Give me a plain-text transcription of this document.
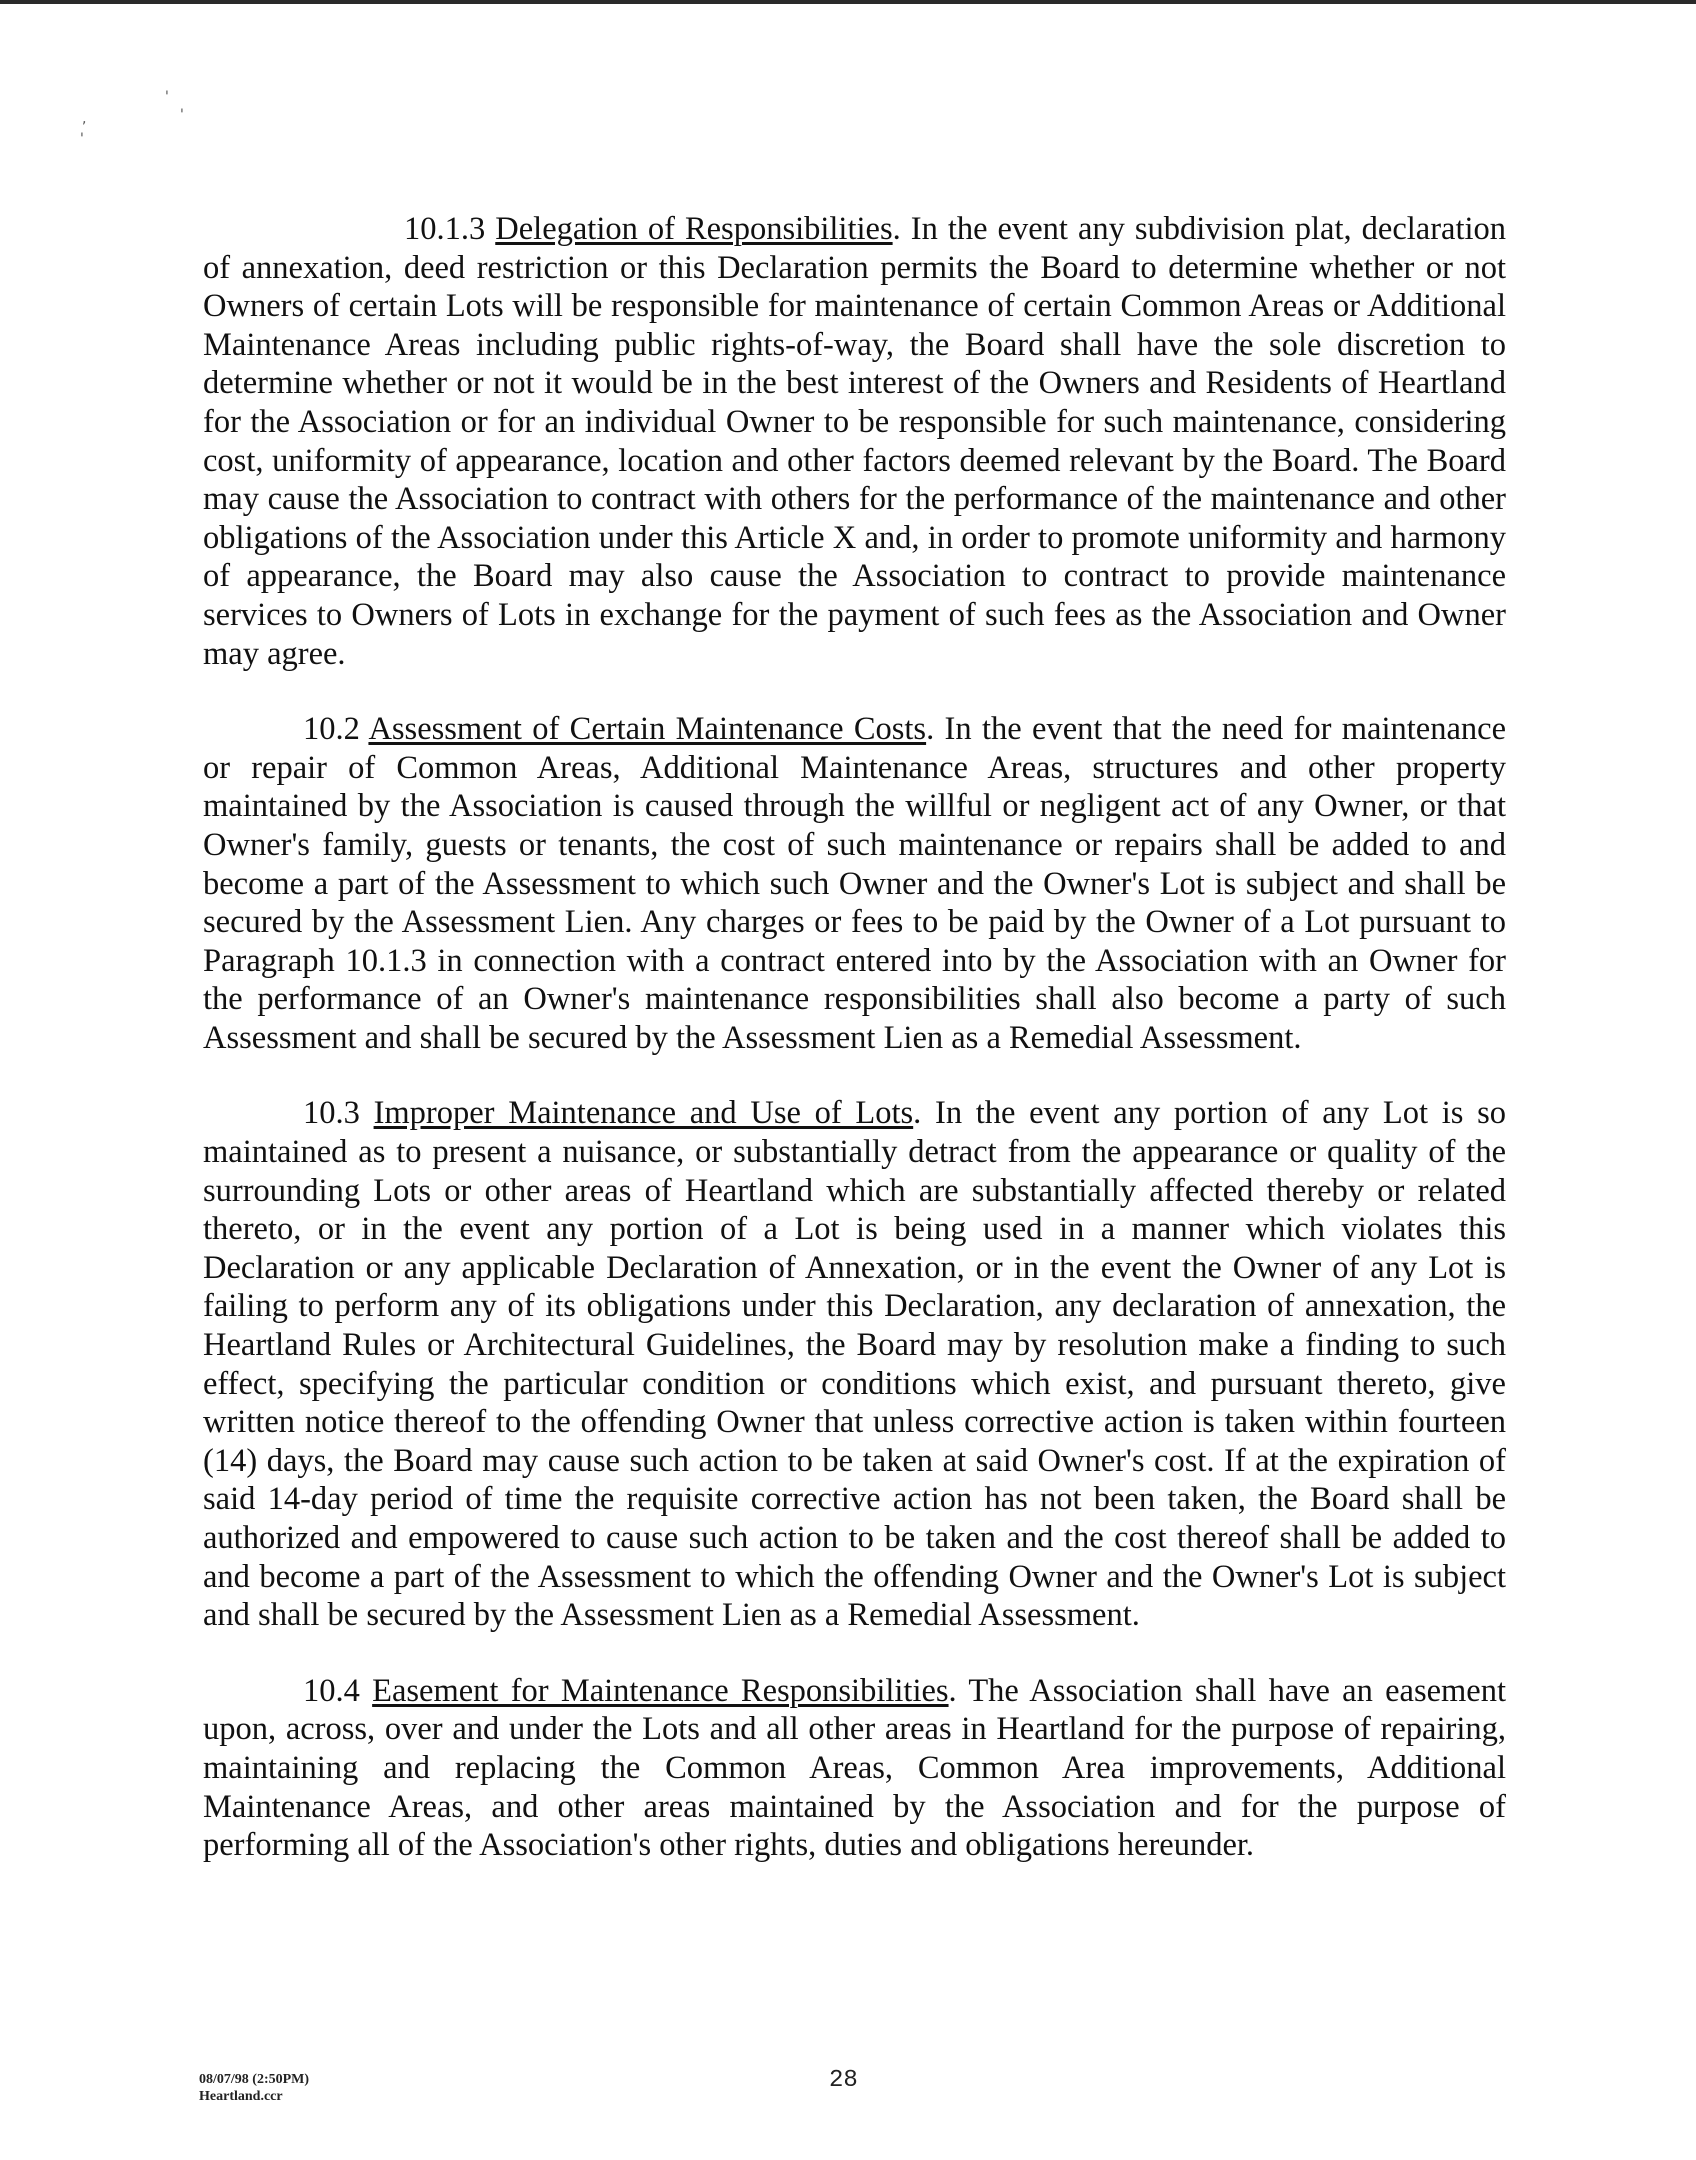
'
,	'
'

10.1.3 Delegation of Responsibilities. In the event any subdivision plat, declaration of annexation, deed restriction or this Declaration permits the Board to determine whether or not Owners of certain Lots will be responsible for maintenance of certain Common Areas or Additional Maintenance Areas including public rights-of-way, the Board shall have the sole discretion to determine whether or not it would be in the best interest of the Owners and Residents of Heartland for the Association or for an individual Owner to be responsible for such maintenance, considering cost, uniformity of appearance, location and other factors deemed relevant by the Board. The Board may cause the Association to contract with others for the performance of the maintenance and other obligations of the Association under this Article X and, in order to promote uniformity and harmony of appearance, the Board may also cause the Association to contract to provide maintenance services to Owners of Lots in exchange for the payment of such fees as the Association and Owner may agree.

10.2 Assessment of Certain Maintenance Costs. In the event that the need for maintenance or repair of Common Areas, Additional Maintenance Areas, structures and other property maintained by the Association is caused through the willful or negligent act of any Owner, or that Owner's family, guests or tenants, the cost of such maintenance or repairs shall be added to and become a part of the Assessment to which such Owner and the Owner's Lot is subject and shall be secured by the Assessment Lien. Any charges or fees to be paid by the Owner of a Lot pursuant to Paragraph 10.1.3 in connection with a contract entered into by the Association with an Owner for the performance of an Owner's maintenance responsibilities shall also become a party of such Assessment and shall be secured by the Assessment Lien as a Remedial Assessment.

10.3 Improper Maintenance and Use of Lots. In the event any portion of any Lot is so maintained as to present a nuisance, or substantially detract from the appearance or quality of the surrounding Lots or other areas of Heartland which are substantially affected thereby or related thereto, or in the event any portion of a Lot is being used in a manner which violates this Declaration or any applicable Declaration of Annexation, or in the event the Owner of any Lot is failing to perform any of its obligations under this Declaration, any declaration of annexation, the Heartland Rules or Architectural Guidelines, the Board may by resolution make a finding to such effect, specifying the particular condition or conditions which exist, and pursuant thereto, give written notice thereof to the offending Owner that unless corrective action is taken within fourteen (14) days, the Board may cause such action to be taken at said Owner's cost. If at the expiration of said 14-day period of time the requisite corrective action has not been taken, the Board shall be authorized and empowered to cause such action to be taken and the cost thereof shall be added to and become a part of the Assessment to which the offending Owner and the Owner's Lot is subject and shall be secured by the Assessment Lien as a Remedial Assessment.

10.4 Easement for Maintenance Responsibilities. The Association shall have an easement upon, across, over and under the Lots and all other areas in Heartland for the purpose of repairing, maintaining and replacing the Common Areas, Common Area improvements, Additional Maintenance Areas, and other areas maintained by the Association and for the purpose of performing all of the Association's other rights, duties and obligations hereunder.

08/07/98 (2:50PM)
Heartland.ccr
28
